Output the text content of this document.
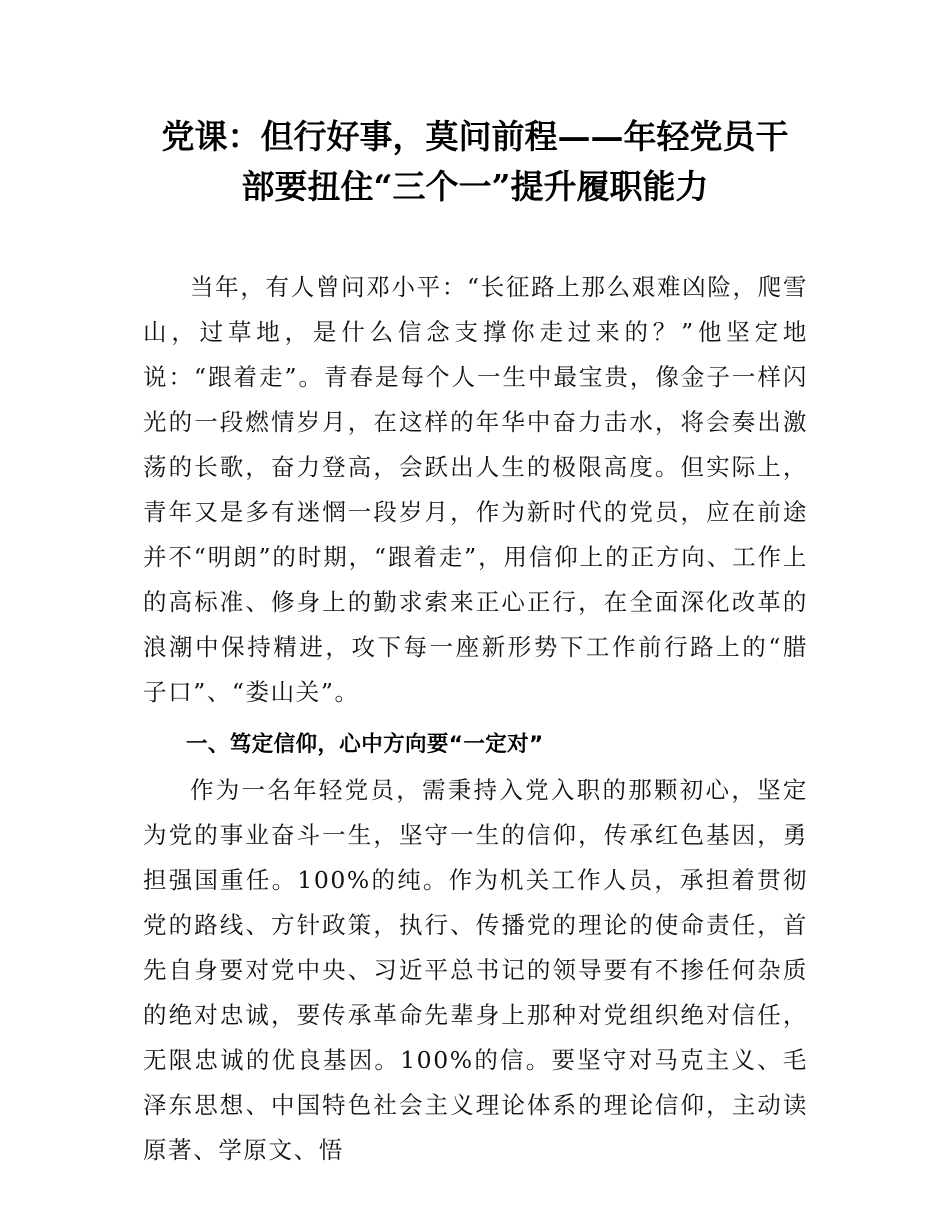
党课：但行好事，莫问前程——年轻党员干
部要扭住“三个一”提升履职能力

当年，有人曾问邓小平：“长征路上那么艰难凶险，爬雪山，过草地，是什么信念支撑你走过来的？”他坚定地说：“跟着走”。青春是每个人一生中最宝贵，像金子一样闪光的一段燃情岁月，在这样的年华中奋力击水，将会奏出激荡的长歌，奋力登高，会跃出人生的极限高度。但实际上，青年又是多有迷惘一段岁月，作为新时代的党员，应在前途并不“明朗”的时期，“跟着走”，用信仰上的正方向、工作上的高标准、修身上的勤求索来正心正行，在全面深化改革的浪潮中保持精进，攻下每一座新形势下工作前行路上的“腊子口”、“娄山关”。

一、笃定信仰，心中方向要“一定对”

作为一名年轻党员，需秉持入党入职的那颗初心，坚定为党的事业奋斗一生，坚守一生的信仰，传承红色基因，勇担强国重任。100%的纯。作为机关工作人员，承担着贯彻党的路线、方针政策，执行、传播党的理论的使命责任，首先自身要对党中央、习近平总书记的领导要有不掺任何杂质的绝对忠诚，要传承革命先辈身上那种对党组织绝对信任，无限忠诚的优良基因。100%的信。要坚守对马克主义、毛泽东思想、中国特色社会主义理论体系的理论信仰，主动读原著、学原文、悟
